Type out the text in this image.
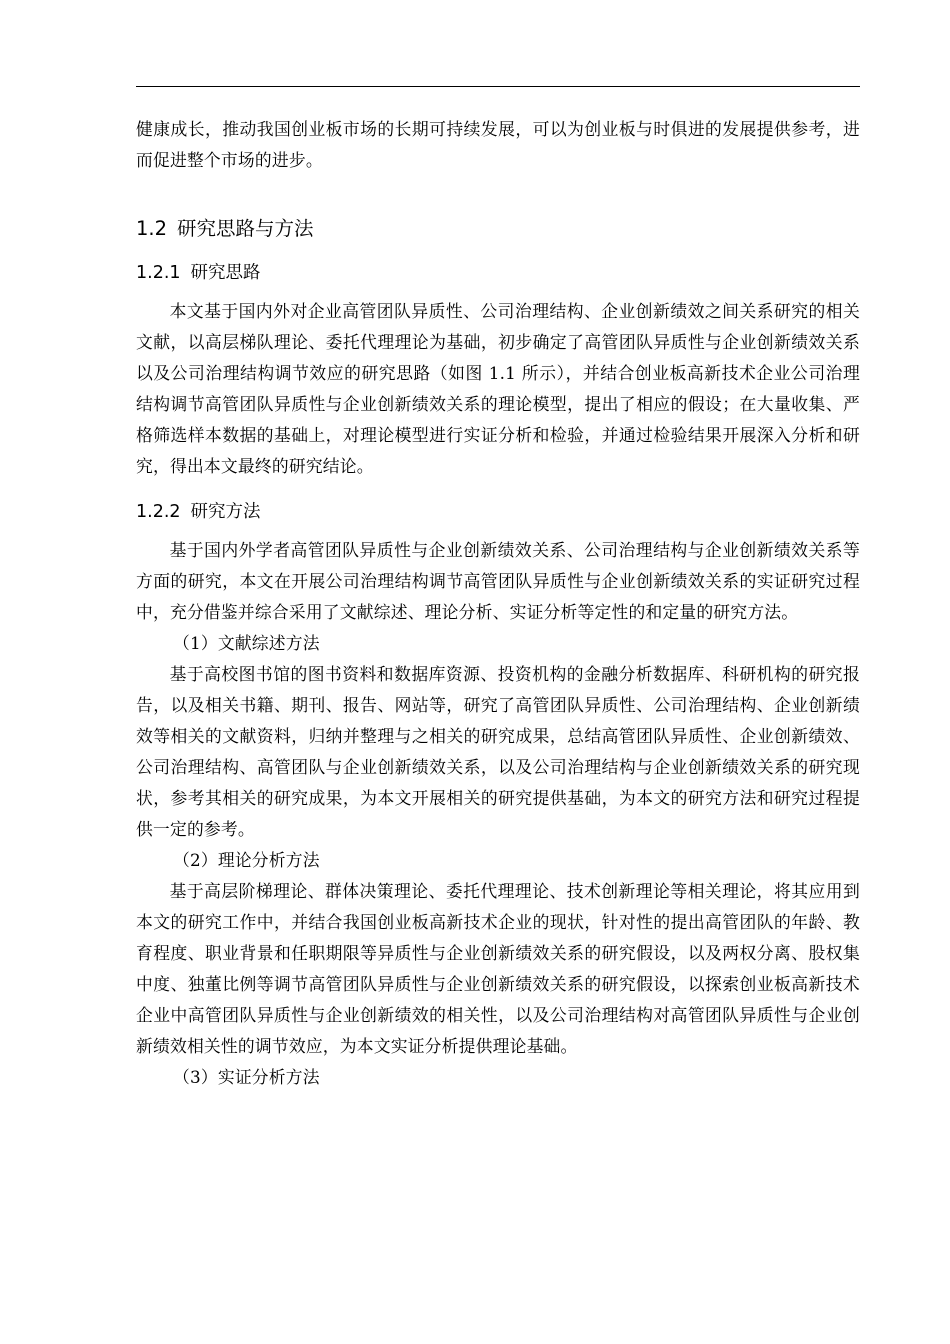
健康成长，推动我国创业板市场的长期可持续发展，可以为创业板与时俱进的发展提供参考，进而促进整个市场的进步。

1.2 研究思路与方法
1.2.1 研究思路

本文基于国内外对企业高管团队异质性、公司治理结构、企业创新绩效之间关系研究的相关文献，以高层梯队理论、委托代理理论为基础，初步确定了高管团队异质性与企业创新绩效关系以及公司治理结构调节效应的研究思路（如图 1.1 所示），并结合创业板高新技术企业公司治理结构调节高管团队异质性与企业创新绩效关系的理论模型，提出了相应的假设；在大量收集、严格筛选样本数据的基础上，对理论模型进行实证分析和检验，并通过检验结果开展深入分析和研究，得出本文最终的研究结论。

1.2.2 研究方法

基于国内外学者高管团队异质性与企业创新绩效关系、公司治理结构与企业创新绩效关系等方面的研究，本文在开展公司治理结构调节高管团队异质性与企业创新绩效关系的实证研究过程中，充分借鉴并综合采用了文献综述、理论分析、实证分析等定性的和定量的研究方法。

（1）文献综述方法

基于高校图书馆的图书资料和数据库资源、投资机构的金融分析数据库、科研机构的研究报告，以及相关书籍、期刊、报告、网站等，研究了高管团队异质性、公司治理结构、企业创新绩效等相关的文献资料，归纳并整理与之相关的研究成果，总结高管团队异质性、企业创新绩效、公司治理结构、高管团队与企业创新绩效关系，以及公司治理结构与企业创新绩效关系的研究现状，参考其相关的研究成果，为本文开展相关的研究提供基础，为本文的研究方法和研究过程提供一定的参考。

（2）理论分析方法

基于高层阶梯理论、群体决策理论、委托代理理论、技术创新理论等相关理论，将其应用到本文的研究工作中，并结合我国创业板高新技术企业的现状，针对性的提出高管团队的年龄、教育程度、职业背景和任职期限等异质性与企业创新绩效关系的研究假设，以及两权分离、股权集中度、独董比例等调节高管团队异质性与企业创新绩效关系的研究假设，以探索创业板高新技术企业中高管团队异质性与企业创新绩效的相关性，以及公司治理结构对高管团队异质性与企业创新绩效相关性的调节效应，为本文实证分析提供理论基础。

（3）实证分析方法
